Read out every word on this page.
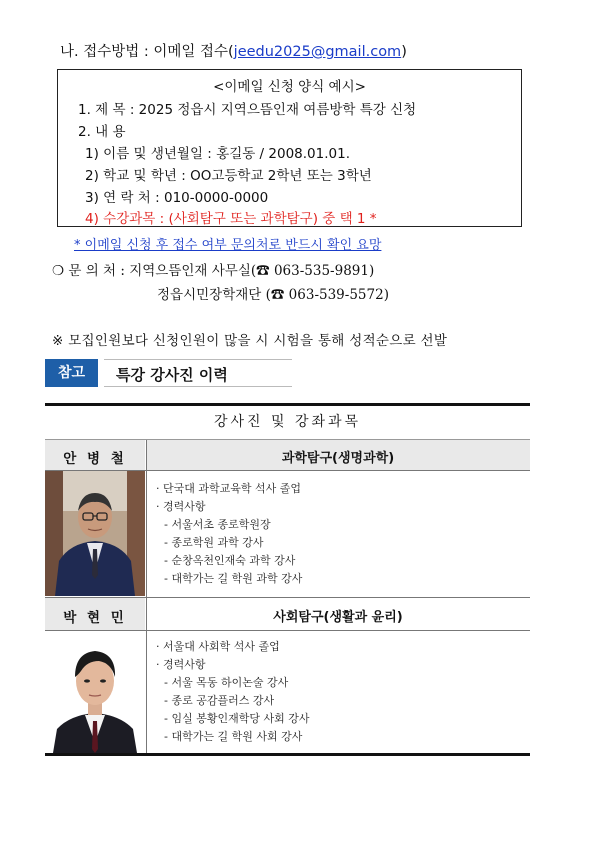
나. 접수방법 : 이메일 접수(jeedu2025@gmail.com)
<이메일 신청 양식 예시>
1. 제 목 : 2025 정읍시 지역으뜸인재 여름방학 특강 신청
2. 내 용
1) 이름 및 생년월일 : 홍길동 / 2008.01.01.
2) 학교 및 학년 : OO고등학교 2학년 또는 3학년
3) 연 락 처 : 010-0000-0000
4) 수강과목 : (사회탐구 또는 과학탐구) 중 택 1 *
* 이메일 신청 후 접수 여부 문의처로 반드시 확인 요망
❍ 문 의 처 : 지역으뜸인재 사무실(☎ 063-535-9891)
정읍시민장학재단 (☎ 063-539-5572)
※ 모집인원보다 신청인원이 많을 시 시험을 통해 성적순으로 선발
참고	특강 강사진 이력
강사진 및 강좌과목
안 병 철	과학탐구(생명과학)
· 단국대 과학교육학 석사 졸업
· 경력사항
- 서울서초 종로학원장
- 종로학원 과학 강사
- 순창옥천인재숙 과학 강사
- 대학가는 길 학원 과학 강사
박 현 민	사회탐구(생활과 윤리)
· 서울대 사회학 석사 졸업
· 경력사항
- 서울 목동 하이논술 강사
- 종로 공감플러스 강사
- 임실 봉황인재학당 사회 강사
- 대학가는 길 학원 사회 강사
